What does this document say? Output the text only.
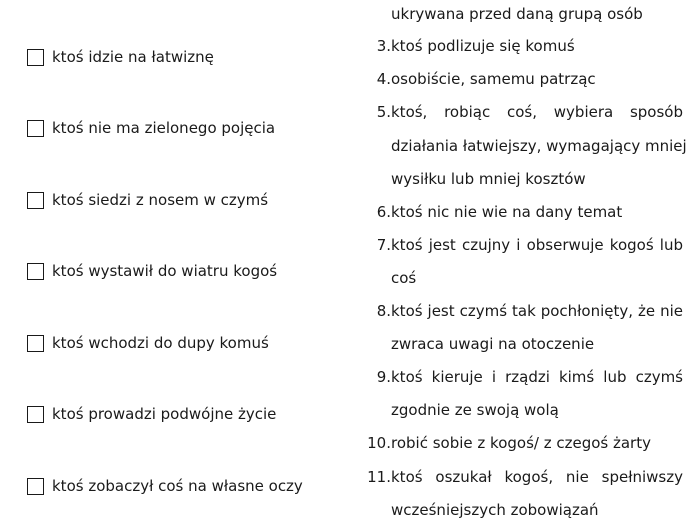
ktoś idzie na łatwiznę
ktoś nie ma zielonego pojęcia
ktoś siedzi z nosem w czymś
ktoś wystawił do wiatru kogoś
ktoś wchodzi do dupy komuś
ktoś prowadzi podwójne życie
ktoś zobaczył coś na własne oczy
ukrywana przed daną grupą osób
3. ktoś podlizuje się komuś
4. osobiście, samemu patrząc
5. ktoś, robiąc coś, wybiera sposób
działania łatwiejszy, wymagający mniej
wysiłku lub mniej kosztów
6. ktoś nic nie wie na dany temat
7. ktoś jest czujny i obserwuje kogoś lub
coś
8. ktoś jest czymś tak pochłonięty, że nie
zwraca uwagi na otoczenie
9. ktoś kieruje i rządzi kimś lub czymś
zgodnie ze swoją wolą
10. robić sobie z kogoś/ z czegoś żarty
11. ktoś oszukał kogoś, nie spełniwszy
wcześniejszych zobowiązań
